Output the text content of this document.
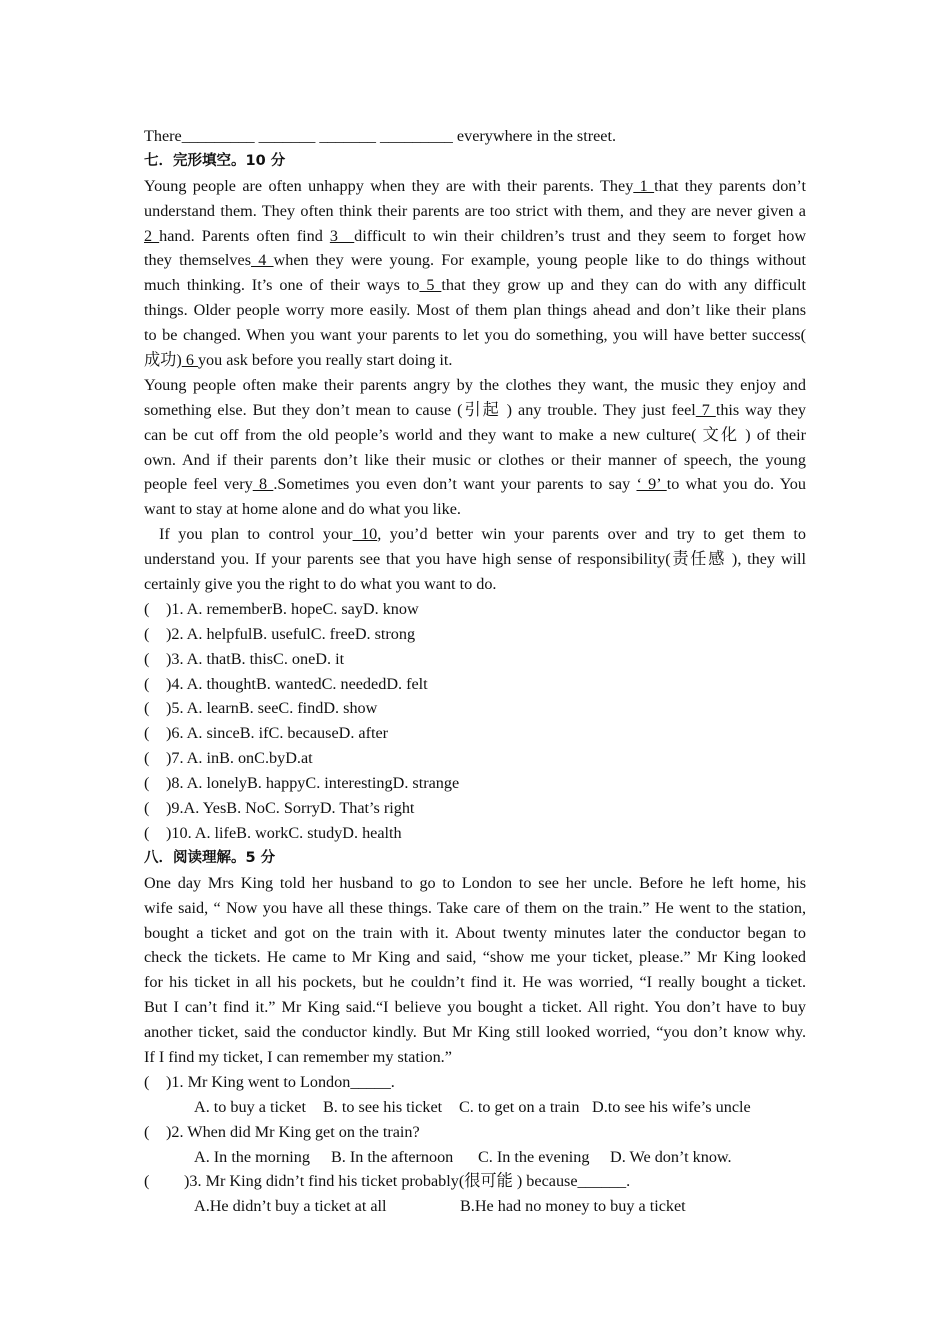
There_________ _______ _______ _________ everywhere in the street.
七．完形填空。10 分
Young people are often unhappy when they are with their parents. They 1 that they parents don’t
understand them. They often think their parents are too strict with them, and they are never given a
2 hand. Parents often find 3__difficult to win their children’s trust and they seem to forget how
they themselves 4 when they were young. For example, young people like to do things without
much thinking. It’s one of their ways to 5 that they grow up and they can do with any difficult
things. Older people worry more easily. Most of them plan things ahead and don’t like their plans
to be changed. When you want your parents to let you do something, you will have better success(
成功) 6 you ask before you really start doing it.
Young people often make their parents angry by the clothes they want, the music they enjoy and
something else. But they don’t mean to cause (引起 ) any trouble. They just feel 7 this way they
can be cut off from the old people’s world and they want to make a new culture( 文化 ) of their
own. And if their parents don’t like their music or clothes or their manner of speech, the young
people feel very 8 .Sometimes you even don’t want your parents to say ‘ 9’ to what you do. You
want to stay at home alone and do what you like.
If you plan to control your 10, you’d better win your parents over and try to get them to
understand you. If your parents see that you have high sense of responsibility(责任感 ), they will
certainly give you the right to do what you want to do.
( )1. A. rememberB. hopeC. sayD. know
( )2. A. helpfulB. usefulC. freeD. strong
( )3. A. thatB. thisC. oneD. it
( )4. A. thoughtB. wantedC. neededD. felt
( )5. A. learnB. seeC. findD. show
( )6. A. sinceB. ifC. becauseD. after
( )7. A. inB. onC.byD.at
( )8. A. lonelyB. happyC. interestingD. strange
( )9.A. YesB. NoC. SorryD. That’s right
( )10. A. lifeB. workC. studyD. health
八．阅读理解。5 分
One day Mrs King told her husband to go to London to see her uncle. Before he left home, his
wife said, “ Now you have all these things. Take care of them on the train.” He went to the station,
bought a ticket and got on the train with it. About twenty minutes later the conductor began to
check the tickets. He came to Mr King and said, “show me your ticket, please.” Mr King looked
for his ticket in all his pockets, but he couldn’t find it. He was worried, “I really bought a ticket.
But I can’t find it.” Mr King said.“I believe you bought a ticket. All right. You don’t have to buy
another ticket, said the conductor kindly. But Mr King still looked worried, “you don’t know why.
If I find my ticket, I can remember my station.”
( )1. Mr King went to London_____.
A. to buy a ticket B. to see his ticket C. to get on a train D.to see his wife’s uncle
( )2. When did Mr King get on the train?
A. In the morning B. In the afternoon C. In the evening D. We don’t know.
( )3. Mr King didn’t find his ticket probably(很可能 ) because______.
A.He didn’t buy a ticket at all	B.He had no money to buy a ticket
